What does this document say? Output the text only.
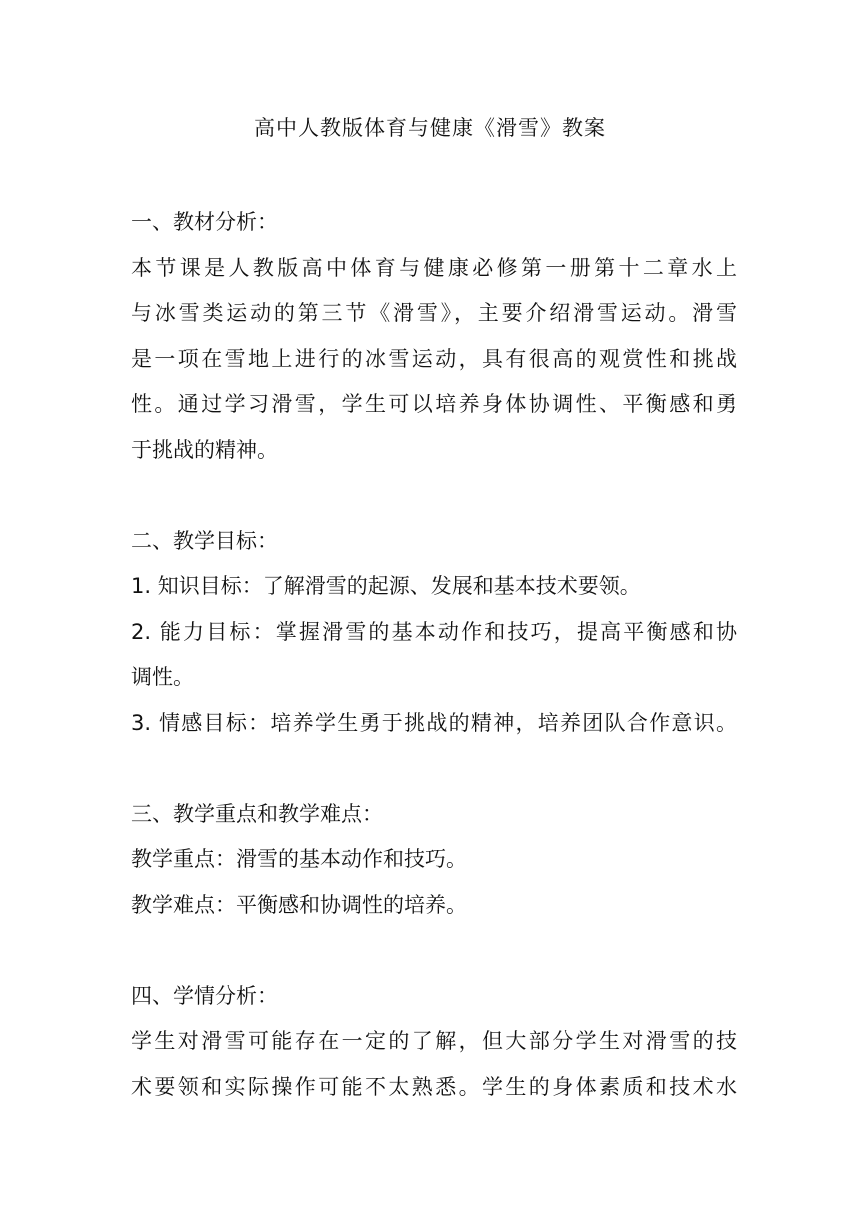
高中人教版体育与健康《滑雪》教案
一、教材分析：
本节课是人教版高中体育与健康必修第一册第十二章水上
与冰雪类运动的第三节《滑雪》，主要介绍滑雪运动。滑雪
是一项在雪地上进行的冰雪运动，具有很高的观赏性和挑战
性。通过学习滑雪，学生可以培养身体协调性、平衡感和勇
于挑战的精神。
二、教学目标：
1. 知识目标：了解滑雪的起源、发展和基本技术要领。
2. 能力目标：掌握滑雪的基本动作和技巧，提高平衡感和协
调性。
3. 情感目标：培养学生勇于挑战的精神，培养团队合作意识。
三、教学重点和教学难点：
教学重点：滑雪的基本动作和技巧。
教学难点：平衡感和协调性的培养。
四、学情分析：
学生对滑雪可能存在一定的了解，但大部分学生对滑雪的技
术要领和实际操作可能不太熟悉。学生的身体素质和技术水
